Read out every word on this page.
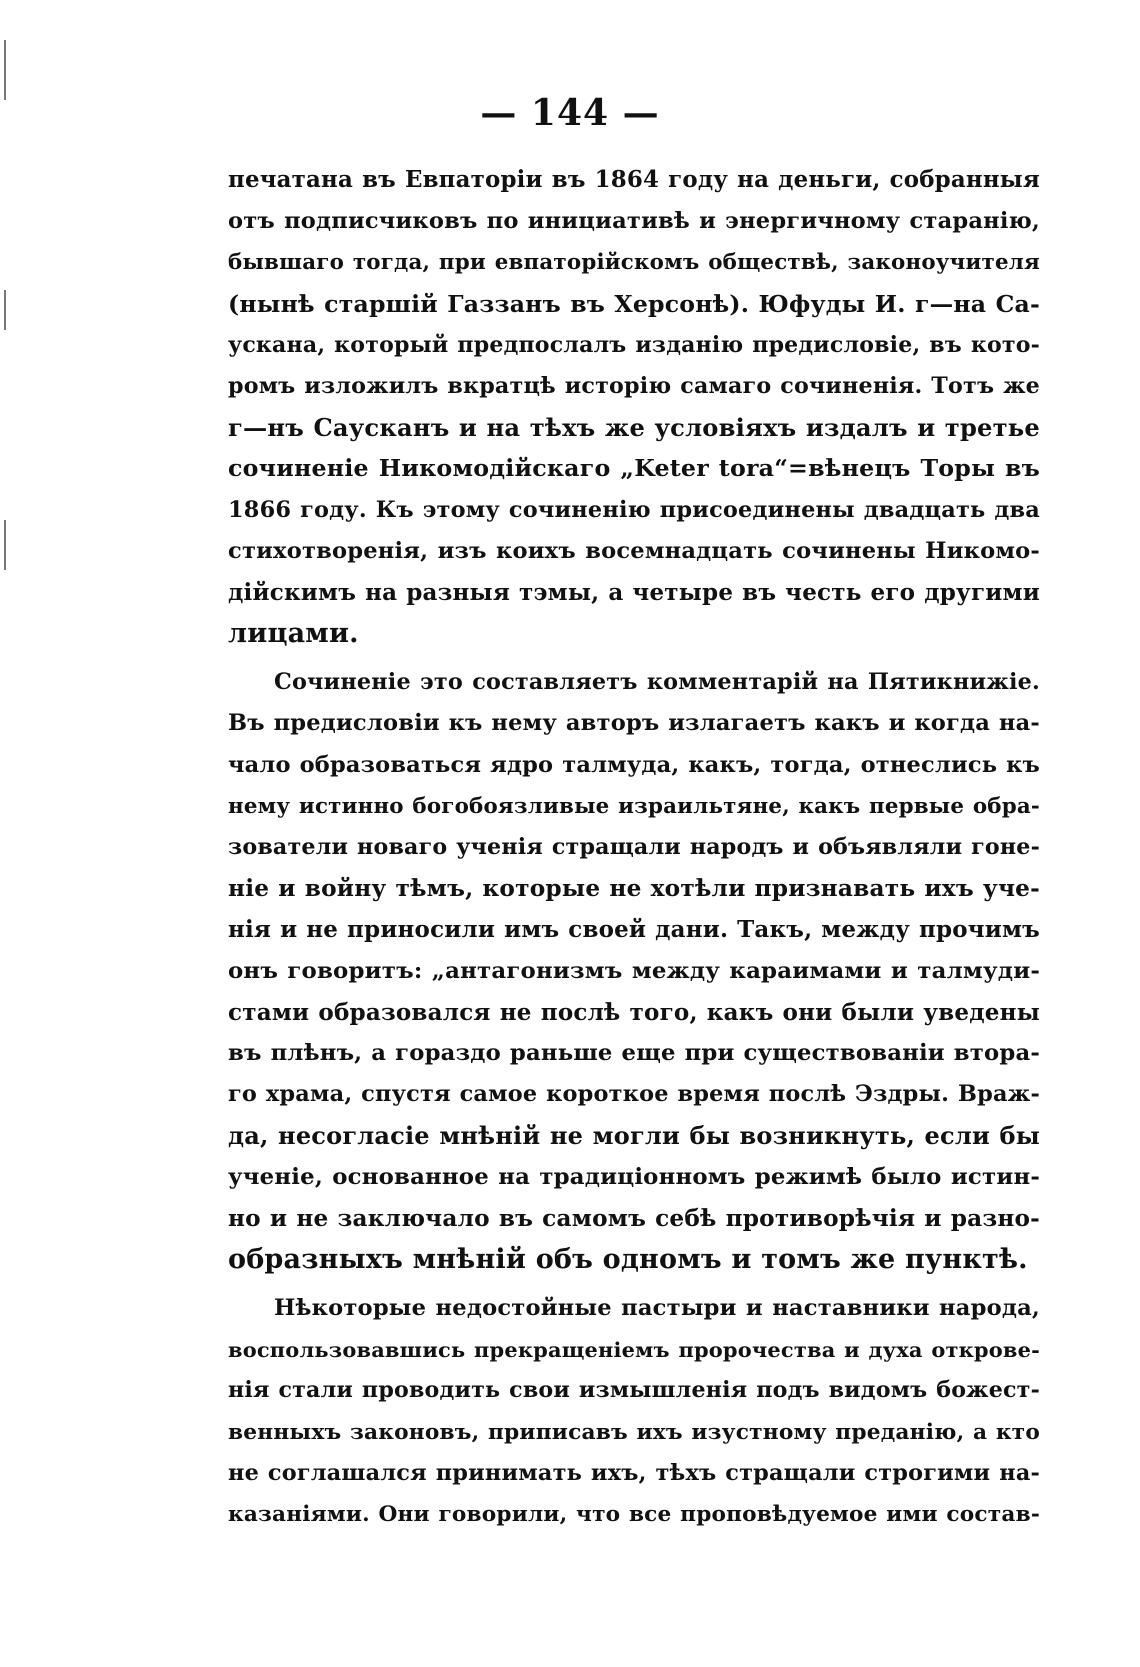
— 144 —
печатана въ Евпаторіи въ 1864 году на деньги, собранныя
отъ подписчиковъ по инициативѣ и энергичному старанію,
бывшаго тогда, при евпаторійскомъ обществѣ, законоучителя
(нынѣ старшій Газзанъ въ Херсонѣ). Юфуды И. г—на Са-
ускана, который предпослалъ изданію предисловіе, въ кото-
ромъ изложилъ вкратцѣ исторію самаго сочиненія. Тотъ же
г—нъ Саусканъ и на тѣхъ же условіяхъ издалъ и третье
сочиненіе Никомодійскаго „Keter tora“=вѣнецъ Торы въ
1866 году. Къ этому сочиненію присоединены двадцать два
стихотворенія, изъ коихъ восемнадцать сочинены Никомо-
дійскимъ на разныя тэмы, а четыре въ честь его другими
лицами.
Сочиненіе это составляетъ комментарій на Пятикнижіе.
Въ предисловіи къ нему авторъ излагаетъ какъ и когда на-
чало образоваться ядро талмуда, какъ, тогда, отнеслись къ
нему истинно богобоязливые израильтяне, какъ первые обра-
зователи новаго ученія стращали народъ и объявляли гоне-
ніе и войну тѣмъ, которые не хотѣли признавать ихъ уче-
нія и не приносили имъ своей дани. Такъ, между прочимъ
онъ говоритъ: „антагонизмъ между караимами и талмуди-
стами образовался не послѣ того, какъ они были уведены
въ плѣнъ, а гораздо раньше еще при существованіи втора-
го храма, спустя самое короткое время послѣ Эздры. Враж-
да, несогласіе мнѣній не могли бы возникнуть, если бы
ученіе, основанное на традиціонномъ режимѣ было истин-
но и не заключало въ самомъ себѣ противорѣчія и разно-
образныхъ мнѣній объ одномъ и томъ же пунктѣ.
Нѣкоторые недостойные пастыри и наставники народа,
воспользовавшись прекращеніемъ пророчества и духа открове-
нія стали проводить свои измышленія подъ видомъ божест-
венныхъ законовъ, приписавъ ихъ изустному преданію, а кто
не соглашался принимать ихъ, тѣхъ стращали строгими на-
казаніями. Они говорили, что все проповѣдуемое ими состав-
